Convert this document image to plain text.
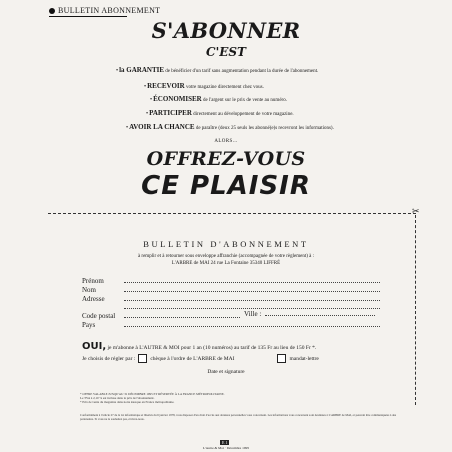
BULLETIN ABONNEMENT
S'ABONNER
C'EST
•la GARANTIE de bénéficier d'un tarif sans augmentation pendant la durée de l'abonnement.
•RECEVOIR votre magazine directement chez vous.
•ÉCONOMISER de l'argent sur le prix de vente au numéro.
•PARTICIPER directement au développement de votre magazine.
•AVOIR LA CHANCE de paraître (deux 25 seuls les abonné(e)s recevront les informations).
ALORS...
OFFREZ-VOUS
CE PLAISIR
✂
BULLETIN D'ABONNEMENT
à remplir et à retourner sous enveloppe affranchie (accompagnée de votre règlement) à :
L'ARBRE de MAI 24 rue La Fontaine 35340 LIFFRÉ
Prénom
Nom
Adresse
Code postal	Ville :
Pays
OUI, je m'abonne à L'AUTRE & MOI pour 1 an (10 numéros) au tarif de 135 Fr au lieu de 150 Fr *.
Je choisis de régler par :	chèque à l'ordre de L'ARBRE de MAI	mandat-lettre
Date et signature
* OFFRE VALABLE JUSQU'AU 31 DÉCEMBRE 1995 ET RÉSERVÉE À LA FRANCE MÉTROPOLITAINE.
Le TVA à 2,10 % est incluse dans le prix de l'abonnement.
* Prix de vente du magazine dans notre kiosque en France métropolitaine.
Conformément à l'article 27 de la loi informatique et libertés du 6 janvier 1978, vous disposez d'un droit d'accès aux données personnelles vous concernant. Les informations vous concernant sont destinées à L'ARBRE de MAI, et peuvent être communiquées à des partenaires. Si vous ne le souhaitez pas, écrivez-nous.
E 1
L'Autre & Moi · Décembre 1995
